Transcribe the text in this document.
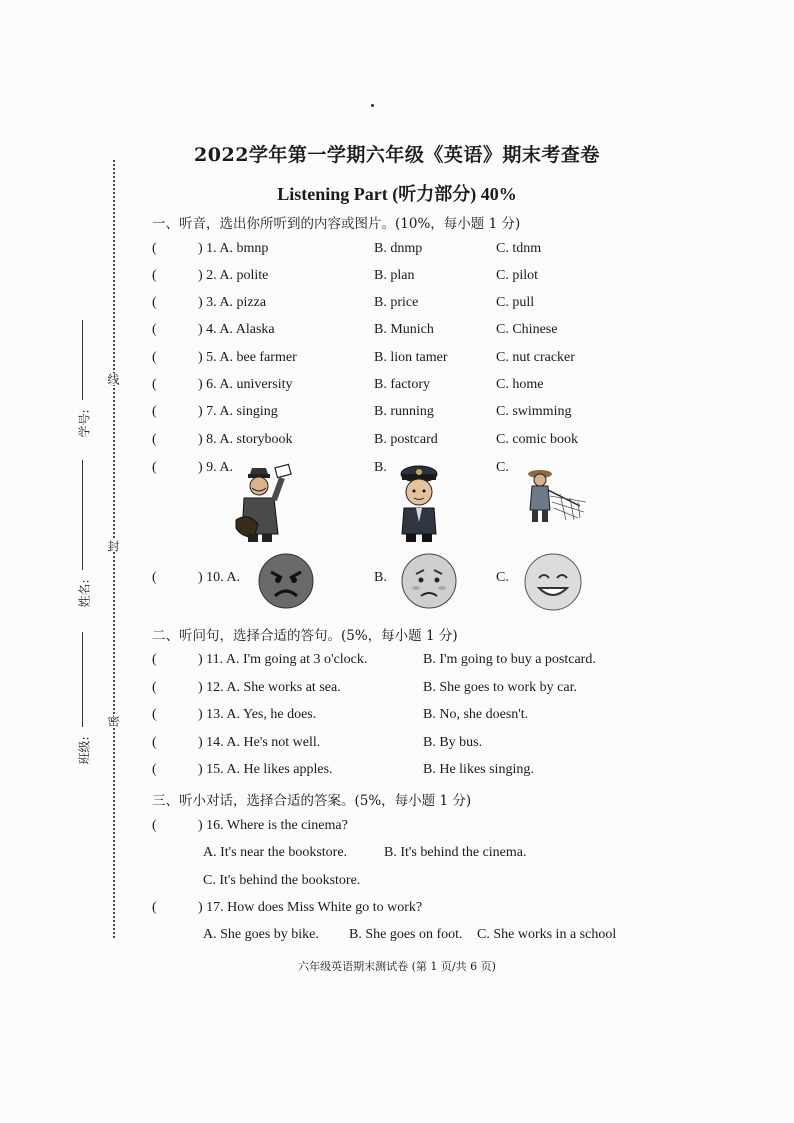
2022学年第一学期六年级《英语》期末考查卷
Listening Part (听力部分) 40%
线
封
密
学号:
姓名:
班级:
一、听音，选出你所听到的内容或图片。(10%，每小题 1 分)
(	) 1. A. bmnp	B. dnmp	C. tdnm
(	) 2. A. polite	B. plan	C. pilot
(	) 3. A. pizza	B. price	C. pull
(	) 4. A. Alaska	B. Munich	C. Chinese
(	) 5. A. bee farmer	B. lion tamer	C. nut cracker
(	) 6. A. university	B. factory	C. home
(	) 7. A. singing	B. running	C. swimming
(	) 8. A. storybook	B. postcard	C. comic book
(	) 9. A.	B.	C.
(	) 10. A.	B.	C.
二、听问句，选择合适的答句。(5%，每小题 1 分)
(	) 11. A. I'm going at 3 o'clock.	B. I'm going to buy a postcard.
(	) 12. A. She works at sea.	B. She goes to work by car.
(	) 13. A. Yes, he does.	B. No, she doesn't.
(	) 14. A. He's not well.	B. By bus.
(	) 15. A. He likes apples.	B. He likes singing.
三、听小对话，选择合适的答案。(5%，每小题 1 分)
(	) 16. Where is the cinema?
A. It's near the bookstore.	B. It's behind the cinema.
C. It's behind the bookstore.
(	) 17. How does Miss White go to work?
A. She goes by bike. B. She goes on foot. C. She works in a school
六年级英语期末测试卷 (第 1 页/共 6 页)
